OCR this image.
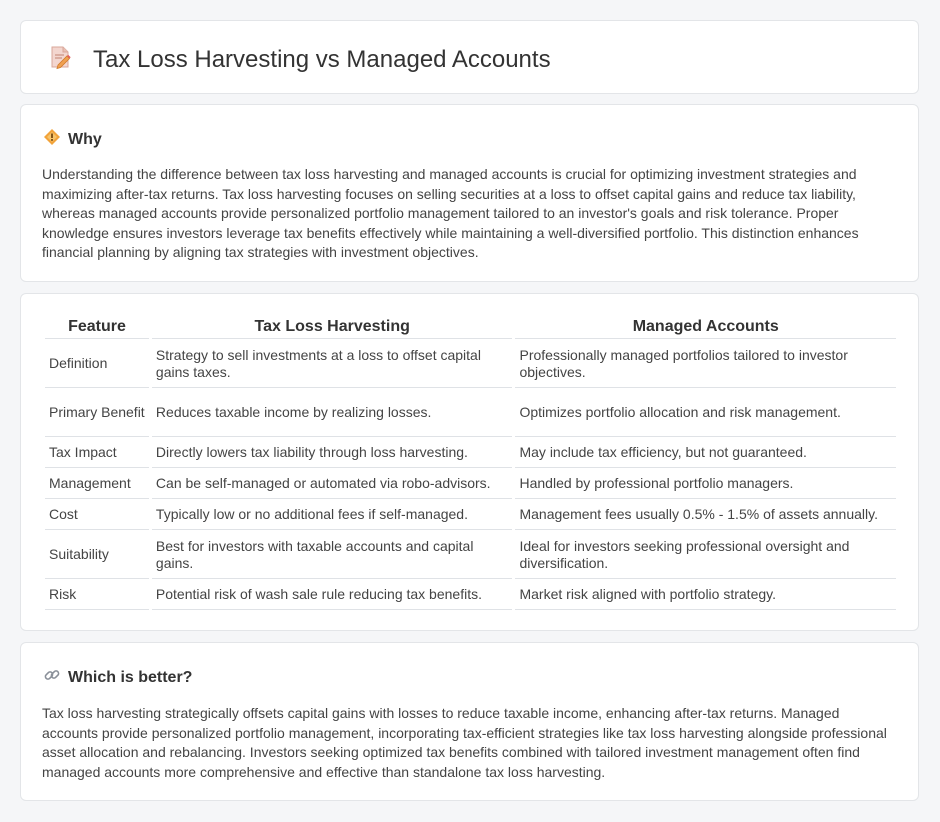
Tax Loss Harvesting vs Managed Accounts
Why

Understanding the difference between tax loss harvesting and managed accounts is crucial for optimizing investment strategies and maximizing after-tax returns. Tax loss harvesting focuses on selling securities at a loss to offset capital gains and reduce tax liability, whereas managed accounts provide personalized portfolio management tailored to an investor's goals and risk tolerance. Proper knowledge ensures investors leverage tax benefits effectively while maintaining a well-diversified portfolio. This distinction enhances financial planning by aligning tax strategies with investment objectives.

Feature	Tax Loss Harvesting	Managed Accounts
Definition	Strategy to sell investments at a loss to offset capital gains taxes.	Professionally managed portfolios tailored to investor objectives.
Primary Benefit	Reduces taxable income by realizing losses.	Optimizes portfolio allocation and risk management.
Tax Impact	Directly lowers tax liability through loss harvesting.	May include tax efficiency, but not guaranteed.
Management	Can be self-managed or automated via robo-advisors.	Handled by professional portfolio managers.
Cost	Typically low or no additional fees if self-managed.	Management fees usually 0.5% - 1.5% of assets annually.
Suitability	Best for investors with taxable accounts and capital gains.	Ideal for investors seeking professional oversight and diversification.
Risk	Potential risk of wash sale rule reducing tax benefits.	Market risk aligned with portfolio strategy.
Which is better?

Tax loss harvesting strategically offsets capital gains with losses to reduce taxable income, enhancing after-tax returns. Managed accounts provide personalized portfolio management, incorporating tax-efficient strategies like tax loss harvesting alongside professional asset allocation and rebalancing. Investors seeking optimized tax benefits combined with tailored investment management often find managed accounts more comprehensive and effective than standalone tax loss harvesting.
